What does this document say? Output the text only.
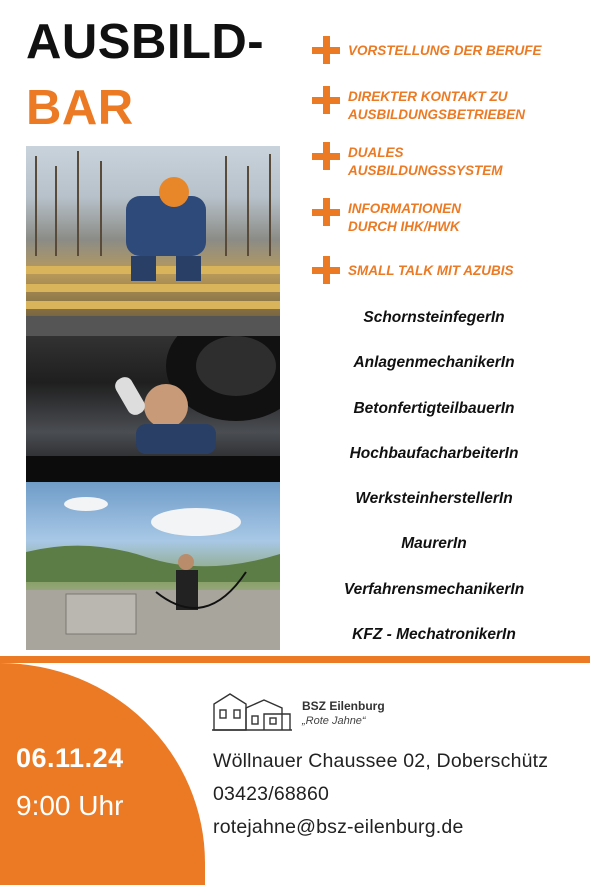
AUSBILD-
BAR
VORSTELLUNG DER BERUFE
DIREKTER KONTAKT ZU AUSBILDUNGSBETRIEBEN
DUALES AUSBILDUNGSSYSTEM
INFORMATIONEN DURCH IHK/HWK
SMALL TALK MIT AZUBIS
SchornsteinfegerIn
AnlagenmechanikerIn
BetonfertigteilbauerIn
HochbaufacharbeiterIn
WerksteinherstellerIn
MaurerIn
VerfahrensmechanikerIn
KFZ - MechatronikerIn
06.11.24
9:00 Uhr
BSZ Eilenburg
„Rote Jahne“
Wöllnauer Chaussee 02, Doberschütz
03423/68860
rotejahne@bsz-eilenburg.de
